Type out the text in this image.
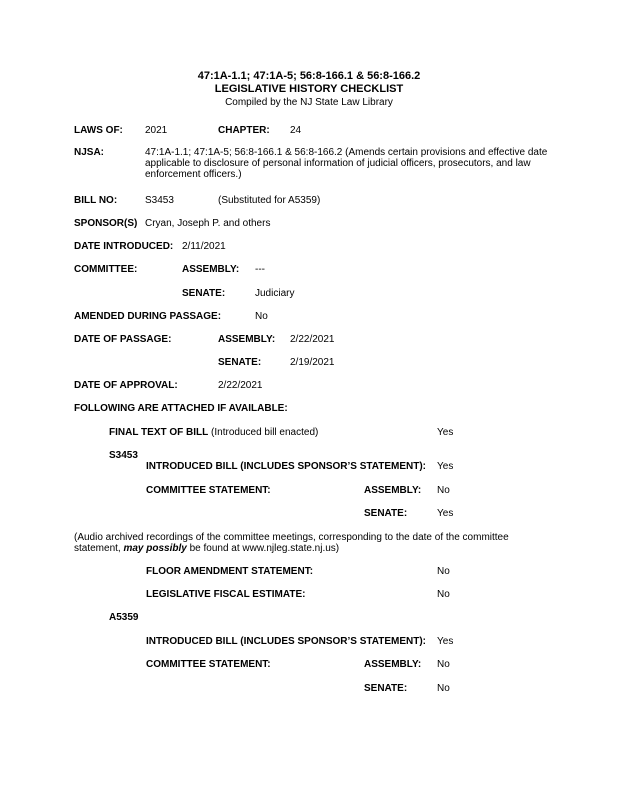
47:1A-1.1; 47:1A-5; 56:8-166.1 & 56:8-166.2
LEGISLATIVE HISTORY CHECKLIST
Compiled by the NJ State Law Library
LAWS OF: 2021	CHAPTER: 24
NJSA:	47:1A-1.1; 47:1A-5; 56:8-166.1 & 56:8-166.2 (Amends certain provisions and effective date
applicable to disclosure of personal information of judicial officers, prosecutors, and law
enforcement officers.)
BILL NO:	S3453	(Substituted for A5359)
SPONSOR(S) Cryan, Joseph P. and others
DATE INTRODUCED: 2/11/2021
COMMITTEE:	ASSEMBLY: ---
SENATE:	Judiciary
AMENDED DURING PASSAGE:	No
DATE OF PASSAGE:	ASSEMBLY: 2/22/2021
SENATE:	2/19/2021
DATE OF APPROVAL:	2/22/2021
FOLLOWING ARE ATTACHED IF AVAILABLE:
FINAL TEXT OF BILL (Introduced bill enacted)	Yes
S3453
INTRODUCED BILL (INCLUDES SPONSOR’S STATEMENT): Yes
COMMITTEE STATEMENT:	ASSEMBLY: No
SENATE:	Yes
(Audio archived recordings of the committee meetings, corresponding to the date of the committee
statement, may possibly be found at www.njleg.state.nj.us)
FLOOR AMENDMENT STATEMENT:	No
LEGISLATIVE FISCAL ESTIMATE:	No
A5359
INTRODUCED BILL (INCLUDES SPONSOR’S STATEMENT): Yes
COMMITTEE STATEMENT:	ASSEMBLY: No
SENATE:	No
